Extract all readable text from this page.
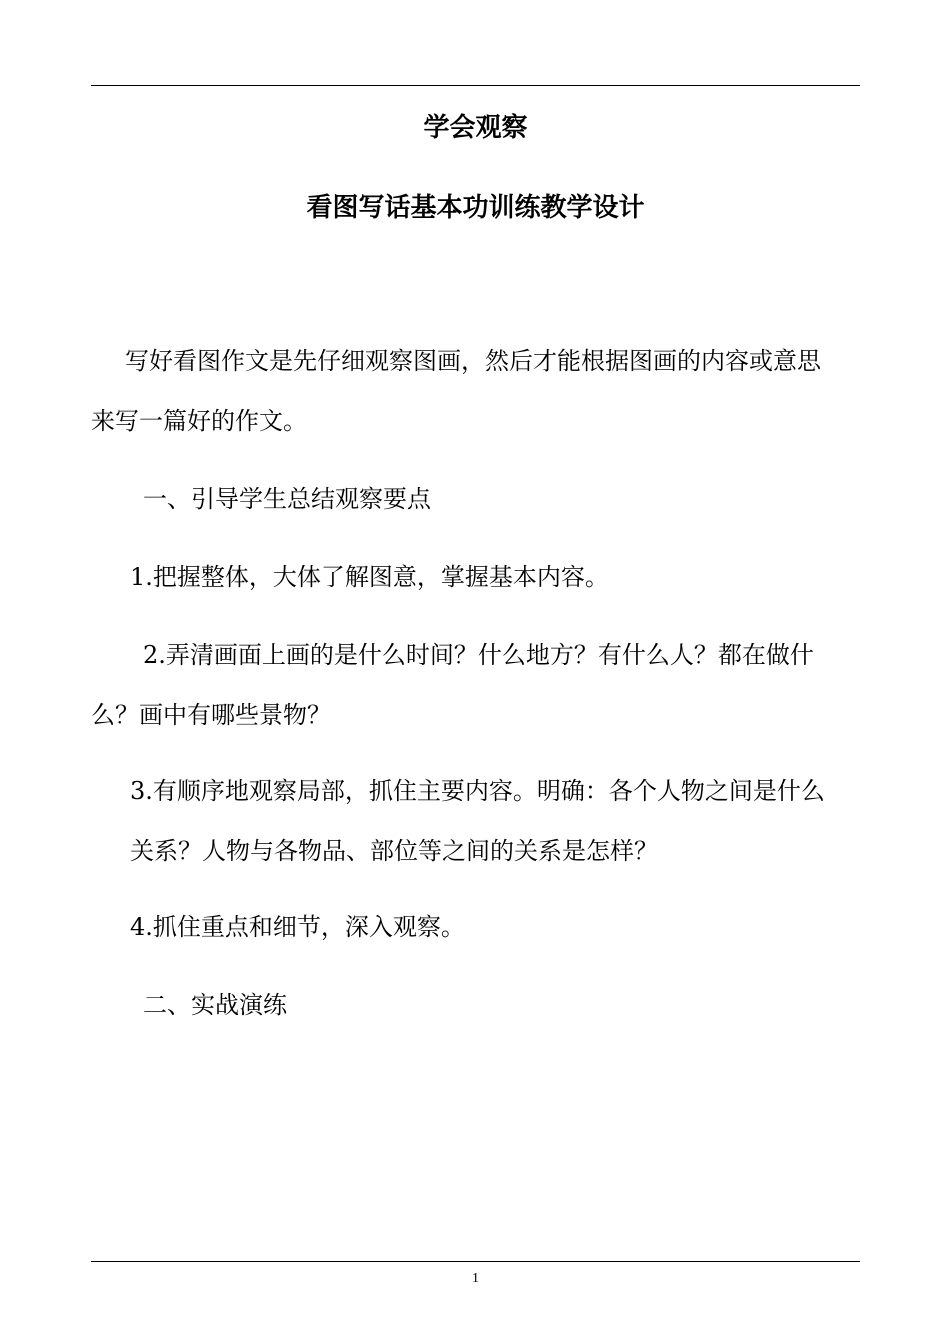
学会观察
看图写话基本功训练教学设计
写好看图作文是先仔细观察图画，然后才能根据图画的内容或意思
来写一篇好的作文。
一、引导学生总结观察要点
1.把握整体，大体了解图意，掌握基本内容。
2.弄清画面上画的是什么时间？什么地方？有什么人？都在做什
么？画中有哪些景物？
3.有顺序地观察局部，抓住主要内容。明确：各个人物之间是什么
关系？人物与各物品、部位等之间的关系是怎样？
4.抓住重点和细节，深入观察。
二、实战演练
1
